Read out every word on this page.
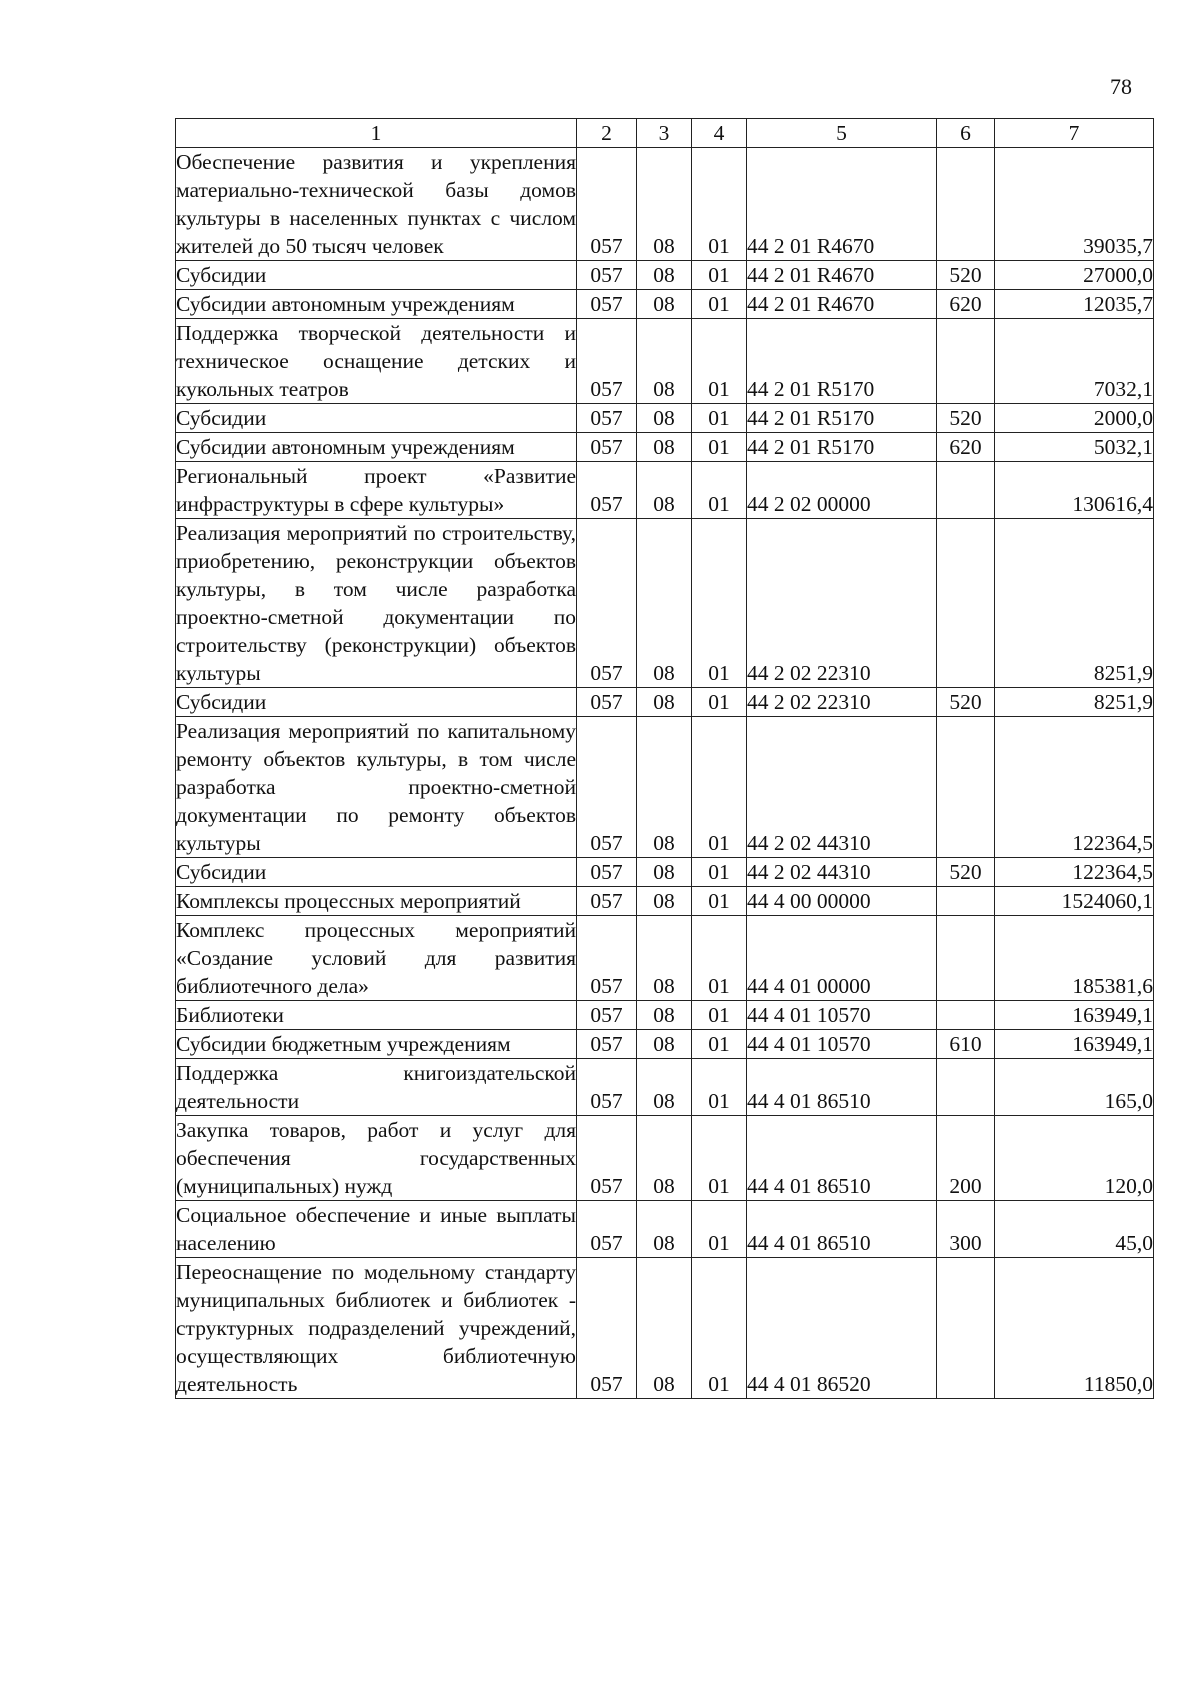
78
1	2	3	4	5	6	7
Обеспечение развития и укрепления материально-технической базы домов культуры в населенных пунктах с числом жителей до 50 тысяч человек	057	08	01	44 2 01 R4670		39035,7
Субсидии	057	08	01	44 2 01 R4670	520	27000,0
Субсидии автономным учреждениям	057	08	01	44 2 01 R4670	620	12035,7
Поддержка творческой деятельности и техническое оснащение детских и кукольных театров	057	08	01	44 2 01 R5170		7032,1
Субсидии	057	08	01	44 2 01 R5170	520	2000,0
Субсидии автономным учреждениям	057	08	01	44 2 01 R5170	620	5032,1
Региональный проект «Развитие инфраструктуры в сфере культуры»	057	08	01	44 2 02 00000		130616,4
Реализация мероприятий по строительству, приобретению, реконструкции объектов культуры, в том числе разработка проектно-сметной документации по строительству (реконструкции) объектов культуры	057	08	01	44 2 02 22310		8251,9
Субсидии	057	08	01	44 2 02 22310	520	8251,9
Реализация мероприятий по капитальному ремонту объектов культуры, в том числе разработка проектно-сметной документации по ремонту объектов культуры	057	08	01	44 2 02 44310		122364,5
Субсидии	057	08	01	44 2 02 44310	520	122364,5
Комплексы процессных мероприятий	057	08	01	44 4 00 00000		1524060,1
Комплекс процессных мероприятий «Создание условий для развития библиотечного дела»	057	08	01	44 4 01 00000		185381,6
Библиотеки	057	08	01	44 4 01 10570		163949,1
Субсидии бюджетным учреждениям	057	08	01	44 4 01 10570	610	163949,1
Поддержка книгоиздательской деятельности	057	08	01	44 4 01 86510		165,0
Закупка товаров, работ и услуг для обеспечения государственных (муниципальных) нужд	057	08	01	44 4 01 86510	200	120,0
Социальное обеспечение и иные выплаты населению	057	08	01	44 4 01 86510	300	45,0
Переоснащение по модельному стандарту муниципальных библиотек и библиотек - структурных подразделений учреждений, осуществляющих библиотечную деятельность	057	08	01	44 4 01 86520		11850,0
